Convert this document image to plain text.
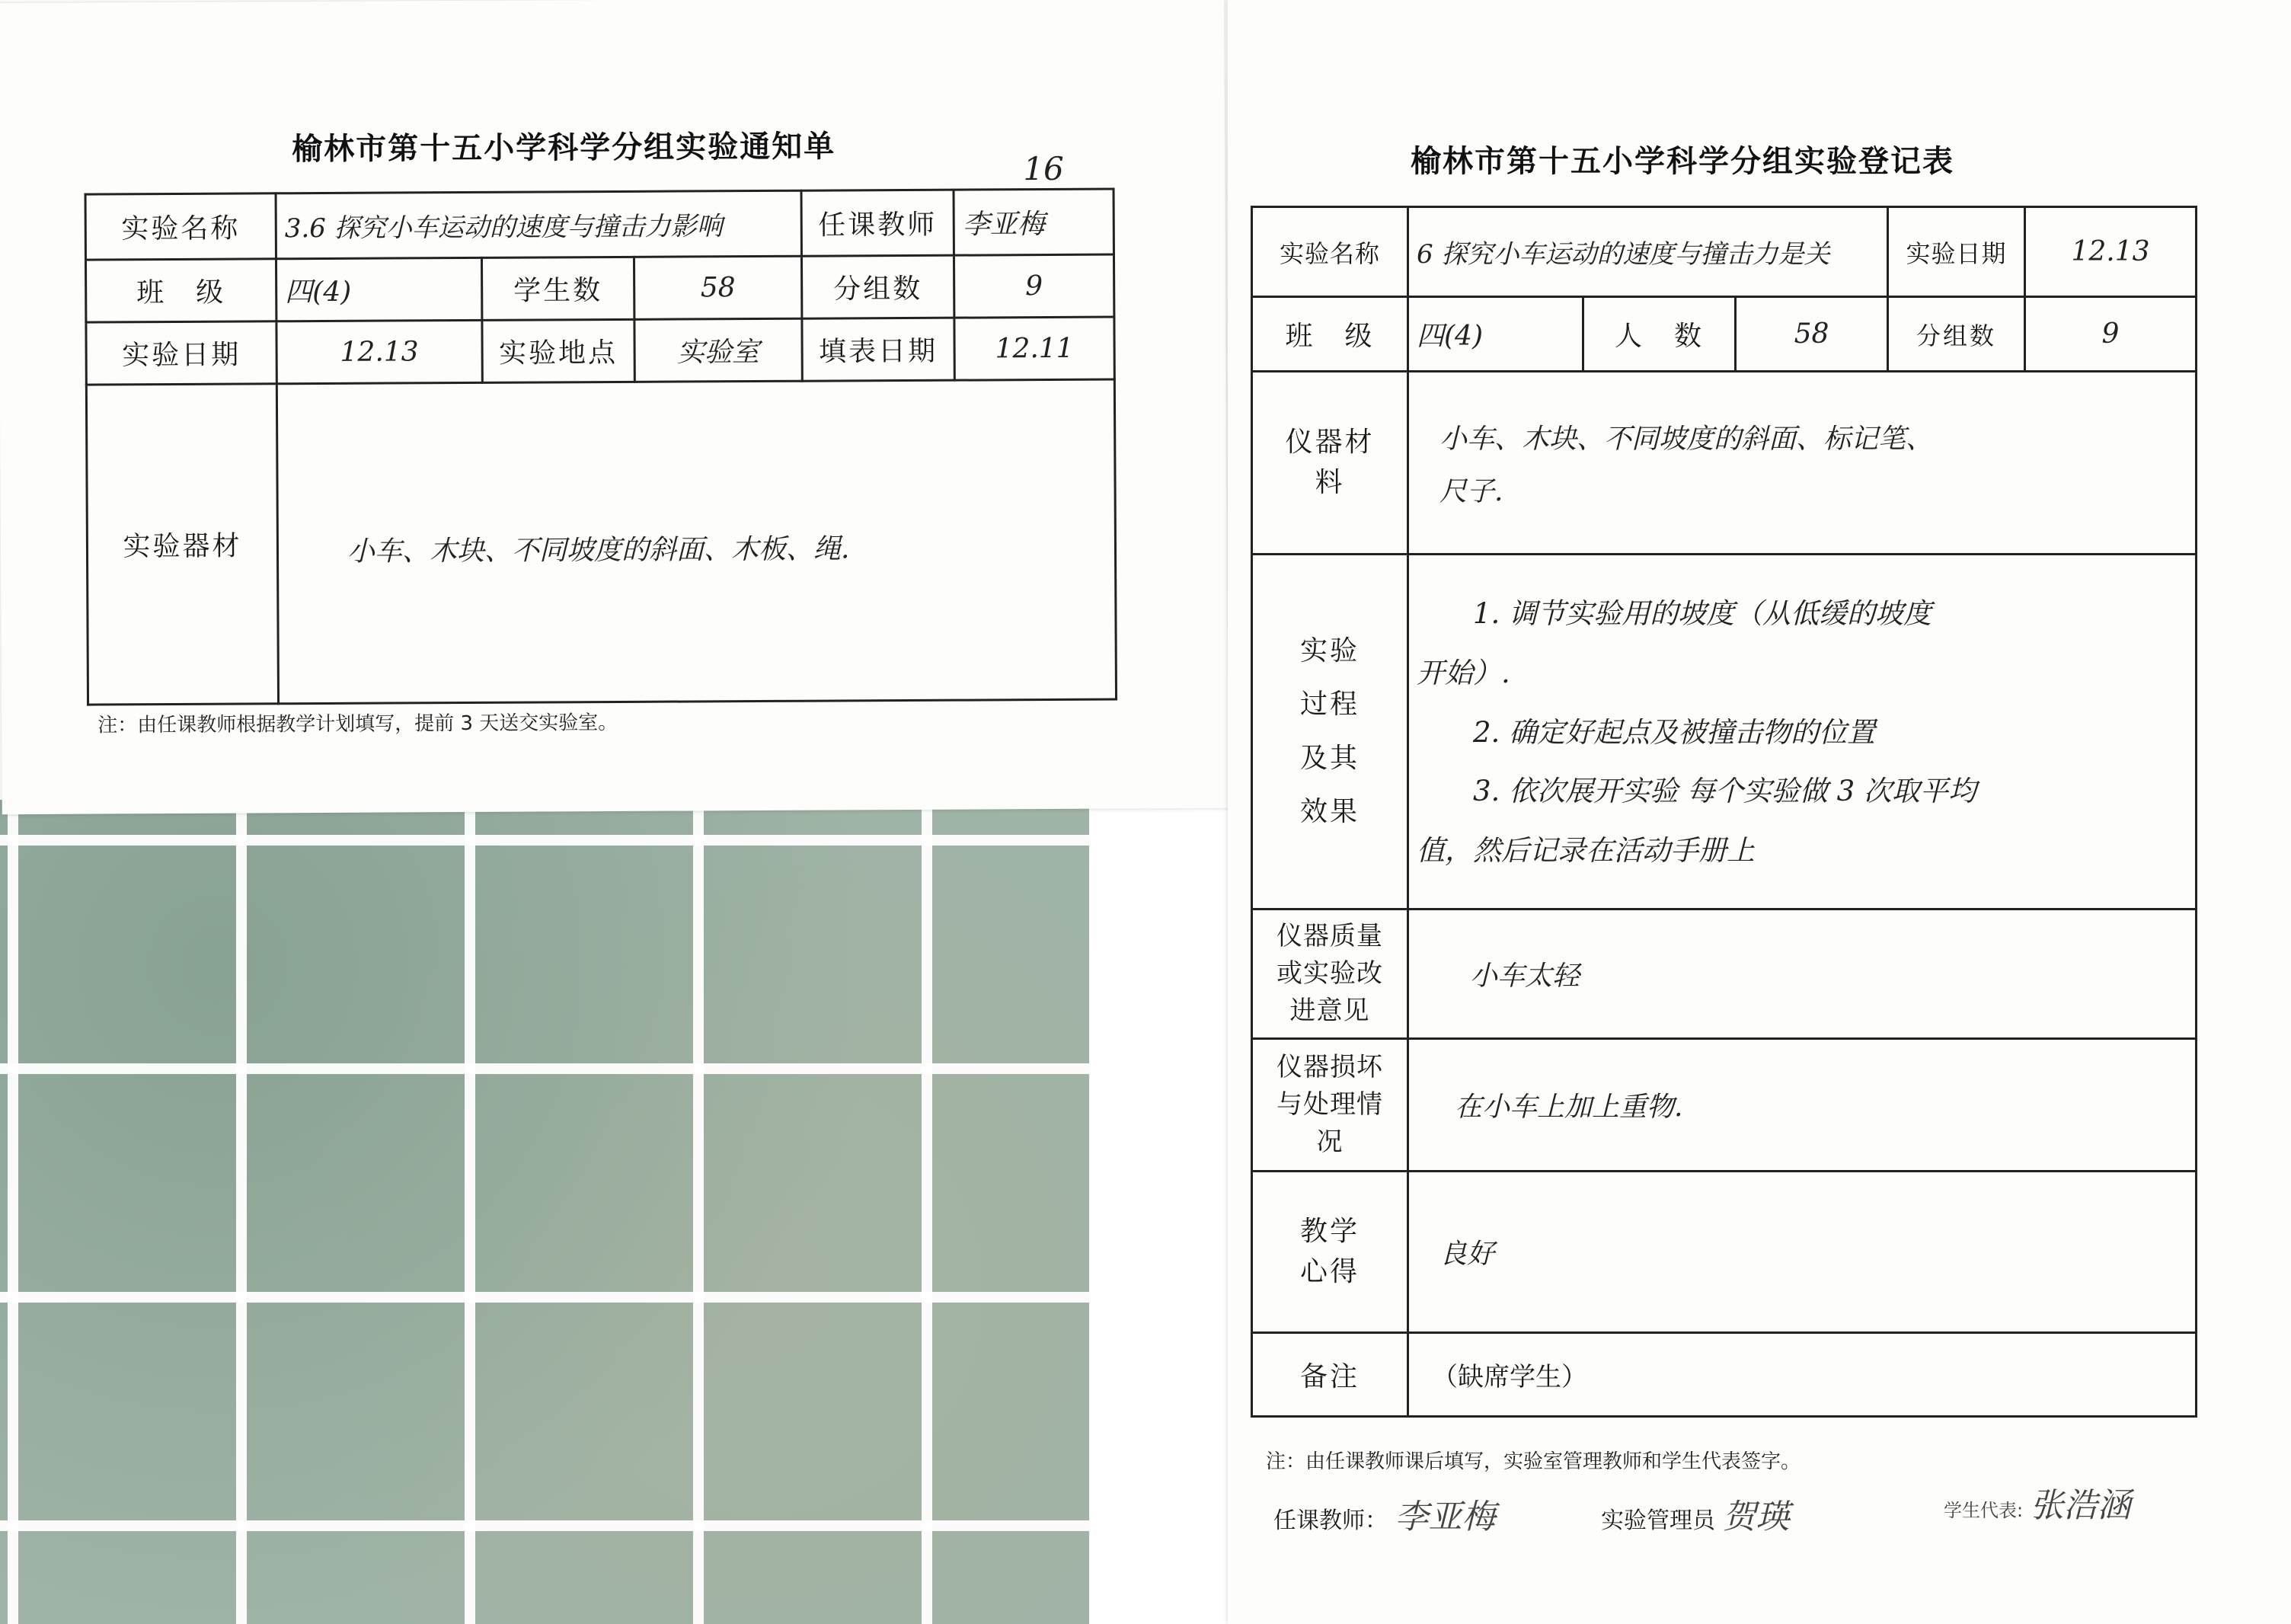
榆林市第十五小学科学分组实验通知单
16
实验名称	3.6 探究小车运动的速度与撞击力影响			任课教师	李亚梅
班　级	四(4)	学生数	58	分组数	9
实验日期	12.13	实验地点	实验室	填表日期	12.11
实验器材	小车、木块、不同坡度的斜面、木板、绳.				
注：由任课教师根据教学计划填写，提前 3 天送交实验室。
榆林市第十五小学科学分组实验登记表
实验名称	6 探究小车运动的速度与撞击力是关			实验日期	12.13
班　级	四(4)	人　数	58	分组数	9
仪器材料	小车、木块、不同坡度的斜面、标记笔、
尺子.				

实验过程及其效果	1. 调节实验用的坡度（从低缓的坡度
开始）.
2. 确定好起点及被撞击物的位置
3. 依次展开实验 每个实验做 3 次取平均
值，然后记录在活动手册上				

仪器质量或实验改进意见	小车太轻				
仪器损坏与处理情况	在小车上加上重物.				
教学心得	良好				
备注	（缺席学生）				
注：由任课教师课后填写，实验室管理教师和学生代表签字。
任课教师： 李亚梅	实验管理员 贺瑛	学生代表: 张浩涵
